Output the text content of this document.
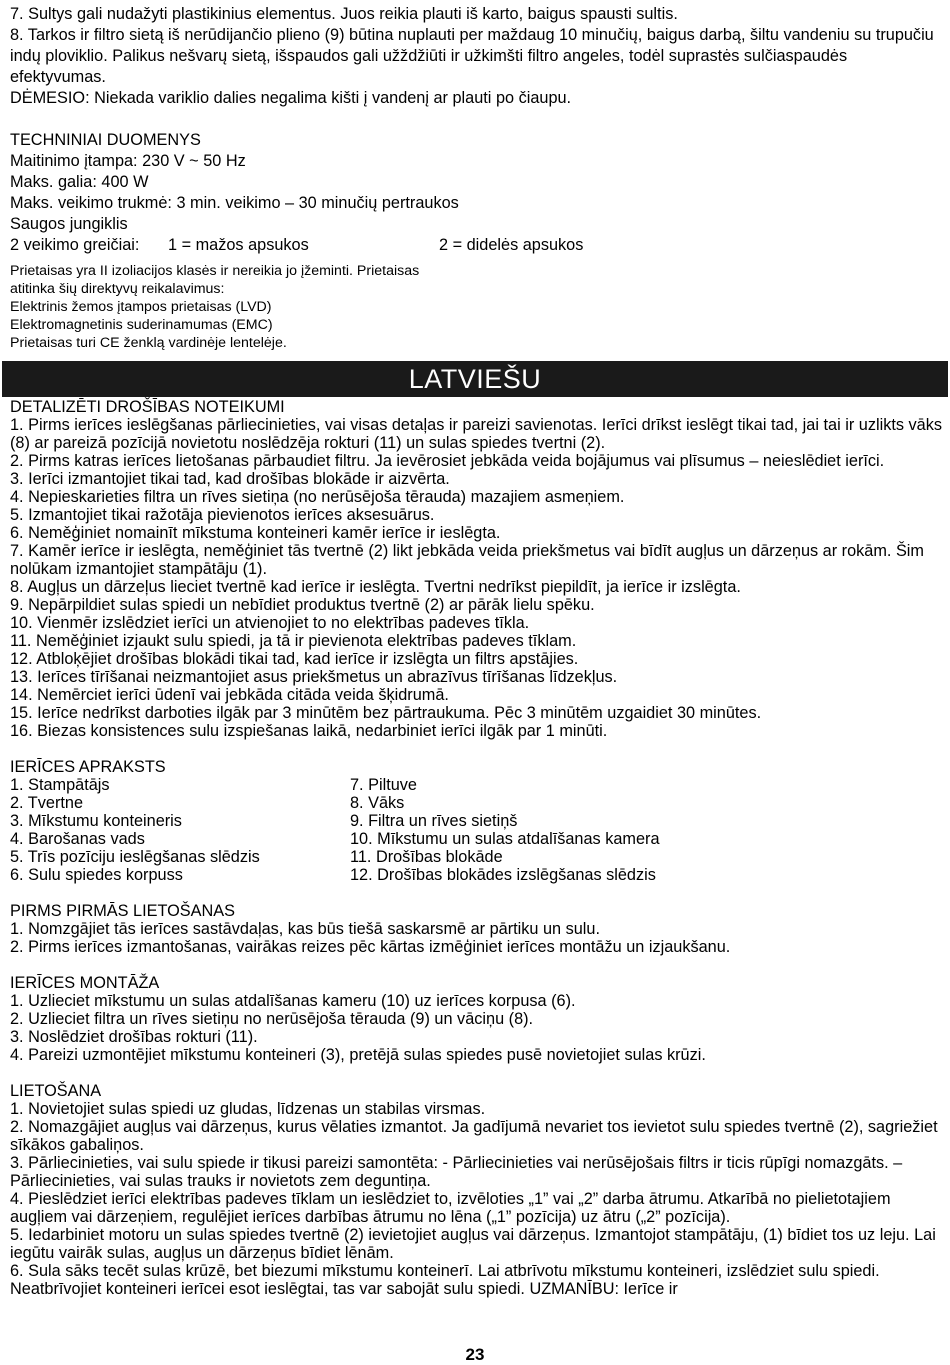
7. Sultys gali nudažyti plastikinius elementus. Juos reikia plauti iš karto, baigus spausti sultis.

8. Tarkos ir filtro sietą iš nerūdijančio plieno (9) būtina nuplauti per maždaug 10 minučių, baigus darbą, šiltu vandeniu su trupučiu indų ploviklio. Palikus nešvarų sietą, išspaudos gali užždžiūti ir užkimšti filtro angeles, todėl suprastės sulčiaspaudės efektyvumas.

DĖMESIO: Niekada variklio dalies negalima kišti į vandenį ar plauti po čiaupu.

TECHNINIAI DUOMENYS

Maitinimo įtampa: 230 V ~ 50 Hz

Maks. galia: 400 W

Maks. veikimo trukmė: 3 min. veikimo – 30 minučių pertraukos

Saugos jungiklis

2 veikimo greičiai:	1 = mažos apsukos	2 = didelės apsukos

Prietaisas yra II izoliacijos klasės ir nereikia jo įžeminti. Prietaisas

atitinka šių direktyvų reikalavimus:

Elektrinis žemos įtampos prietaisas (LVD)

Elektromagnetinis suderinamumas (EMC)

Prietaisas turi CE ženklą vardinėje lentelėje.

LATVIEŠU

DETALIZĒTI DROŠĪBAS NOTEIKUMI

1. Pirms ierīces ieslēgšanas pārliecinieties, vai visas detaļas ir pareizi savienotas. Ierīci drīkst ieslēgt tikai tad, jai tai ir uzlikts vāks (8) ar pareizā pozīcijā novietotu noslēdzēja rokturi (11) un sulas spiedes tvertni (2).

2. Pirms katras ierīces lietošanas pārbaudiet filtru. Ja ievērosiet jebkāda veida bojājumus vai plīsumus – neieslēdiet ierīci.

3. Ierīci izmantojiet tikai tad, kad drošības blokāde ir aizvērta.

4. Nepieskarieties filtra un rīves sietiņa (no nerūsējoša tērauda) mazajiem asmeņiem.

5. Izmantojiet tikai ražotāja pievienotos ierīces aksesuārus.

6. Neměģiniet nomainīt mīkstuma konteineri kamēr ierīce ir ieslēgta.

7. Kamēr ierīce ir ieslēgta, neměģiniet tās tvertnē (2) likt jebkāda veida priekšmetus vai bīdīt augļus un dārzeņus ar rokām. Šim nolūkam izmantojiet stampātāju (1).

8. Augļus un dārzeļus lieciet tvertnē kad ierīce ir ieslēgta. Tvertni nedrīkst piepildīt, ja ierīce ir izslēgta.

9. Nepārpildiet sulas spiedi un nebīdiet produktus tvertnē (2) ar pārāk lielu spēku.

10. Vienmēr izslēdziet ierīci un atvienojiet to no elektrības padeves tīkla.

11. Neměģiniet izjaukt sulu spiedi, ja tā ir pievienota elektrības padeves tīklam.

12. Atbloķējiet drošības blokādi tikai tad, kad ierīce ir izslēgta un filtrs apstājies.

13. Ierīces tīrīšanai neizmantojiet asus priekšmetus un abrazīvus tīrīšanas līdzekļus.

14. Nemērciet ierīci ūdenī vai jebkāda citāda veida šķidrumā.

15. Ierīce nedrīkst darboties ilgāk par 3 minūtēm bez pārtraukuma. Pēc 3 minūtēm uzgaidiet 30 minūtes.

16. Biezas konsistences sulu izspiešanas laikā, nedarbiniet ierīci ilgāk par 1 minūti.

IERĪCES APRAKSTS

1. Stampātājs

2. Tvertne

3. Mīkstumu konteineris

4. Barošanas vads

5. Trīs pozīciju ieslēgšanas slēdzis

6. Sulu spiedes korpuss

7. Piltuve

8. Vāks

9. Filtra un rīves sietiņš

10. Mīkstumu un sulas atdalīšanas kamera

11. Drošības blokāde

12. Drošības blokādes izslēgšanas slēdzis

PIRMS PIRMĀS LIETOŠANAS

1. Nomzgājiet tās ierīces sastāvdaļas, kas būs tiešā saskarsmē ar pārtiku un sulu.

2. Pirms ierīces izmantošanas, vairākas reizes pēc kārtas izmēģiniet ierīces montāžu un izjaukšanu.

IERĪCES MONTĀŽA

1. Uzlieciet mīkstumu un sulas atdalīšanas kameru (10) uz ierīces korpusa (6).

2. Uzlieciet filtra un rīves sietiņu no nerūsējoša tērauda (9) un vāciņu (8).

3. Noslēdziet drošības rokturi (11).

4. Pareizi uzmontējiet mīkstumu konteineri (3), pretējā sulas spiedes pusē novietojiet sulas krūzi.

LIETOŠANA

1. Novietojiet sulas spiedi uz gludas, līdzenas un stabilas virsmas.

2. Nomazgājiet augļus vai dārzeņus, kurus vēlaties izmantot. Ja gadījumā nevariet tos ievietot sulu spiedes tvertnē (2), sagriežiet sīkākos gabaliņos.

3. Pārliecinieties, vai sulu spiede ir tikusi pareizi samontēta: - Pārliecinieties vai nerūsējošais filtrs ir ticis rūpīgi nomazgāts. – Pārliecinieties, vai sulas trauks ir novietots zem deguntiņa.

4. Pieslēdziet ierīci elektrības padeves tīklam un ieslēdziet to, izvēloties „1” vai „2” darba ātrumu. Atkarībā no pielietotajiem augļiem vai dārzeņiem, regulējiet ierīces darbības ātrumu no lēna („1” pozīcija) uz ātru („2” pozīcija).

5. Iedarbiniet motoru un sulas spiedes tvertnē (2) ievietojiet augļus vai dārzeņus. Izmantojot stampātāju, (1) bīdiet tos uz leju. Lai iegūtu vairāk sulas, augļus un dārzeņus bīdiet lēnām.

6. Sula sāks tecēt sulas krūzē, bet biezumi mīkstumu konteinerī. Lai atbrīvotu mīkstumu konteineri, izslēdziet sulu spiedi. Neatbrīvojiet konteineri ierīcei esot ieslēgtai, tas var sabojāt sulu spiedi. UZMANĪBU: Ierīce ir

23
